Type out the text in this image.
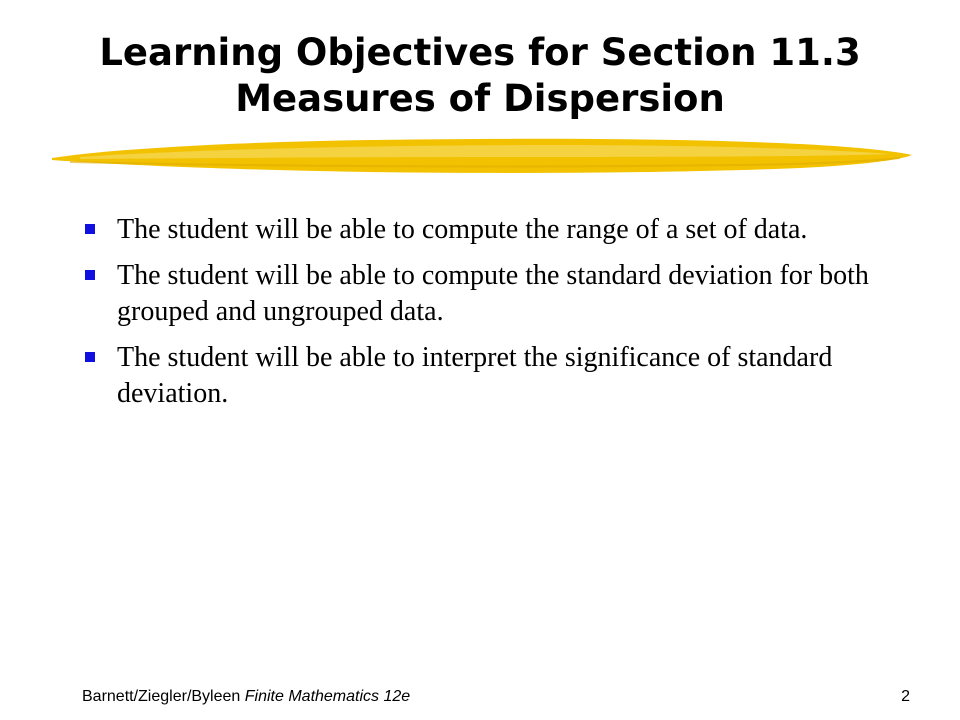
Learning Objectives for Section 11.3
Measures of Dispersion
The student will be able to compute the range of a set of data.
The student will be able to compute the standard deviation for both grouped and ungrouped data.
The student will be able to interpret the significance of standard deviation.
Barnett/Ziegler/Byleen Finite Mathematics 12e	2
